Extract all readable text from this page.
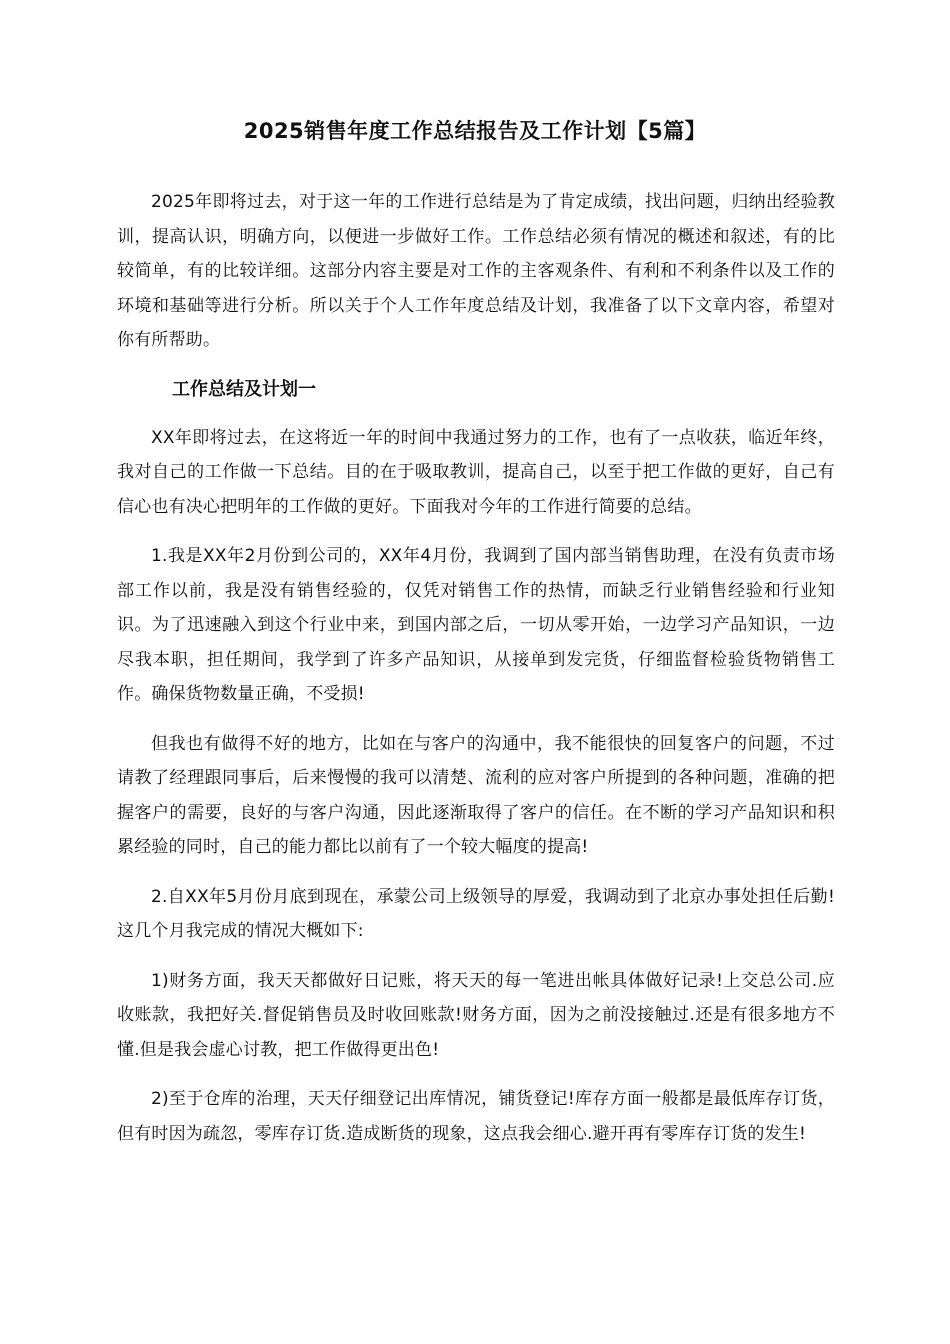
2025销售年度工作总结报告及工作计划【5篇】

2025年即将过去，对于这一年的工作进行总结是为了肯定成绩，找出问题，归纳出经验教训，提高认识，明确方向，以便进一步做好工作。工作总结必须有情况的概述和叙述，有的比较简单，有的比较详细。这部分内容主要是对工作的主客观条件、有利和不利条件以及工作的环境和基础等进行分析。所以关于个人工作年度总结及计划，我准备了以下文章内容，希望对你有所帮助。

工作总结及计划一

XX年即将过去，在这将近一年的时间中我通过努力的工作，也有了一点收获，临近年终，我对自己的工作做一下总结。目的在于吸取教训，提高自己，以至于把工作做的更好，自己有信心也有决心把明年的工作做的更好。下面我对今年的工作进行简要的总结。

1.我是XX年2月份到公司的，XX年4月份，我调到了国内部当销售助理，在没有负责市场部工作以前，我是没有销售经验的，仅凭对销售工作的热情，而缺乏行业销售经验和行业知识。为了迅速融入到这个行业中来，到国内部之后，一切从零开始，一边学习产品知识，一边尽我本职，担任期间，我学到了许多产品知识，从接单到发完货，仔细监督检验货物销售工作。确保货物数量正确，不受损!

但我也有做得不好的地方，比如在与客户的沟通中，我不能很快的回复客户的问题，不过请教了经理跟同事后，后来慢慢的我可以清楚、流利的应对客户所提到的各种问题，准确的把握客户的需要，良好的与客户沟通，因此逐渐取得了客户的信任。在不断的学习产品知识和积累经验的同时，自己的能力都比以前有了一个较大幅度的提高!

2.自XX年5月份月底到现在，承蒙公司上级领导的厚爱，我调动到了北京办事处担任后勤!这几个月我完成的情况大概如下:

1)财务方面，我天天都做好日记账，将天天的每一笔进出帐具体做好记录!上交总公司.应收账款，我把好关.督促销售员及时收回账款!财务方面，因为之前没接触过.还是有很多地方不懂.但是我会虚心讨教，把工作做得更出色!

2)至于仓库的治理，天天仔细登记出库情况，铺货登记!库存方面一般都是最低库存订货，但有时因为疏忽，零库存订货.造成断货的现象，这点我会细心.避开再有零库存订货的发生!
